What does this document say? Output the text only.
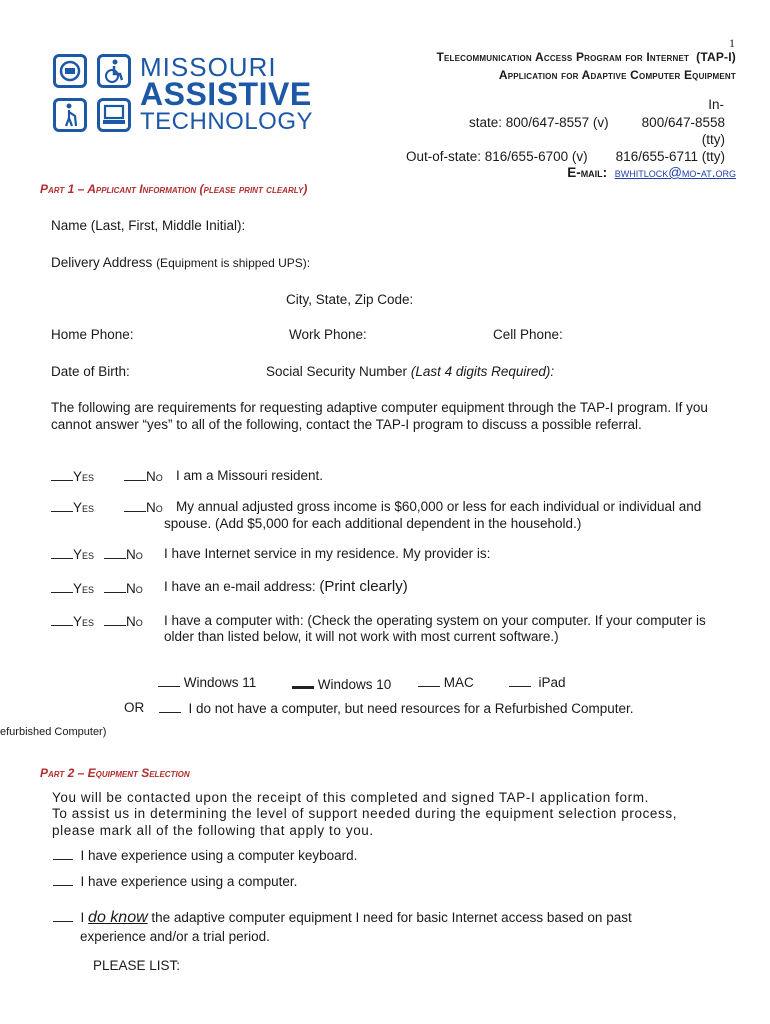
1
MISSOURI
ASSISTIVE
TECHNOLOGY
Telecommunication Access Program for Internet (TAP-I)
Application for Adaptive Computer Equipment
In-
state: 800/647-8557 (v) 800/647-8558
(tty)
Out-of-state: 816/655-6700 (v) 816/655-6711 (tty)
E-mail: bwhitlock@mo-at.org
Part 1 – Applicant Information (please print clearly)
Name (Last, First, Middle Initial):
Delivery Address (Equipment is shipped UPS):
City, State, Zip Code:
Home Phone:	Work Phone:	Cell Phone:
Date of Birth:	Social Security Number (Last 4 digits Required):
The following are requirements for requesting adaptive computer equipment through the TAP-I program. If you
cannot answer “yes” to all of the following, contact the TAP-I program to discuss a possible referral.
Yes	No I am a Missouri resident.
Yes	No My annual adjusted gross income is $60,000 or less for each individual or individual and
spouse. (Add $5,000 for each additional dependent in the household.)
Yes	No I have Internet service in my residence. My provider is:
Yes	No I have an e-mail address: (Print clearly)
Yes	No I have a computer with: (Check the operating system on your computer. If your computer is
older than listed below, it will not work with most current software.)
Windows 11	Windows 10	MAC	iPad
OR	I do not have a computer, but need resources for a Refurbished Computer.
efurbished Computer)
Part 2 – Equipment Selection
You will be contacted upon the receipt of this completed and signed TAP-I application form.
To assist us in determining the level of support needed during the equipment selection process,
please mark all of the following that apply to you.
I have experience using a computer keyboard.
I have experience using a computer.
I do know the adaptive computer equipment I need for basic Internet access based on past
experience and/or a trial period.
PLEASE LIST:
